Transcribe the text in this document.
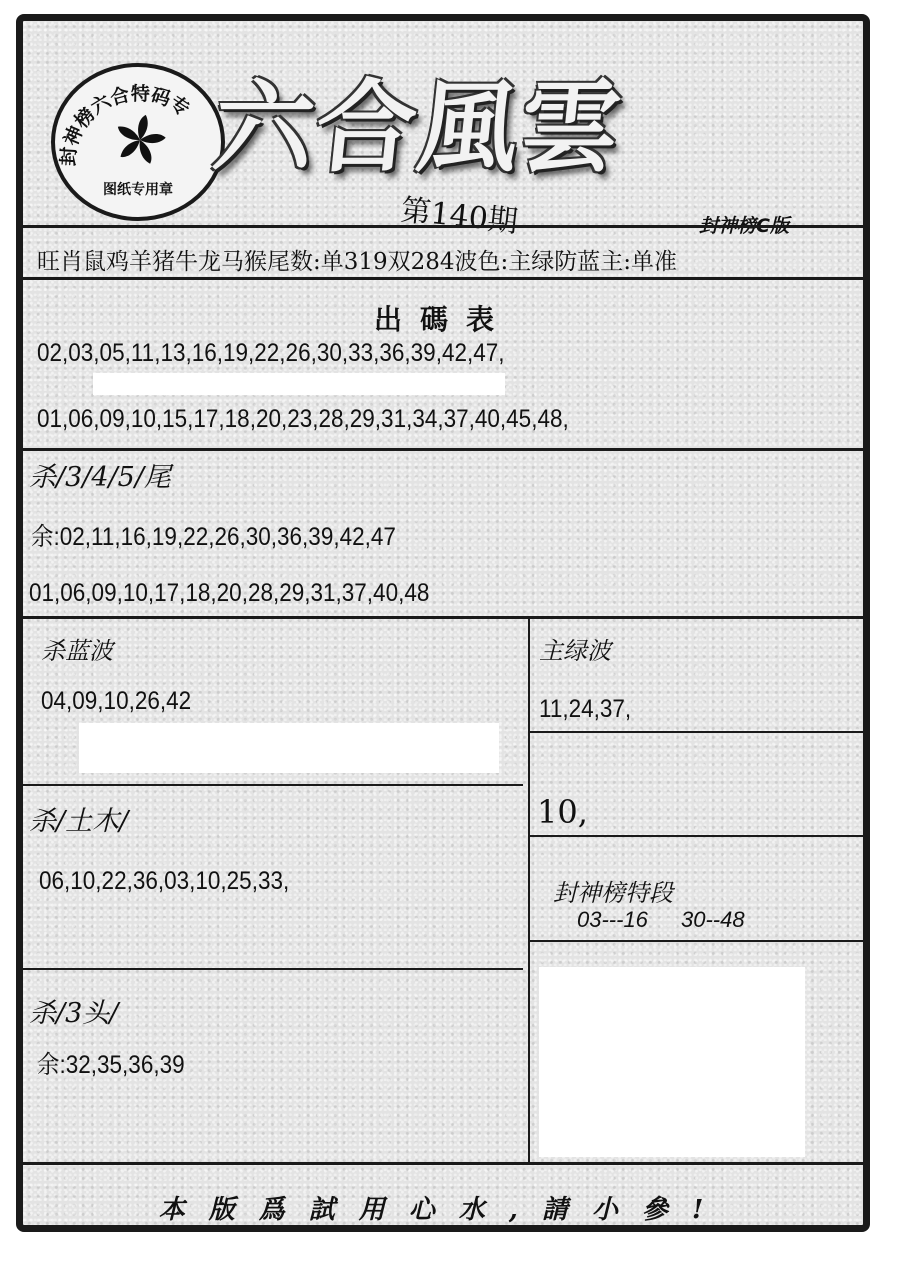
封神榜六合特码专
图纸专用章
六合風雲
第140期	封神榜C版
旺肖鼠鸡羊猪牛龙马猴尾数:单319双284波色:主绿防蓝主:单准
出碼表
02,03,05,11,13,16,19,22,26,30,33,36,39,42,47,
01,06,09,10,15,17,18,20,23,28,29,31,34,37,40,45,48,
杀/3/4/5/尾
余:02,11,16,19,22,26,30,36,39,42,47
01,06,09,10,17,18,20,28,29,31,37,40,48
杀蓝波
04,09,10,26,42
杀/土木/
06,10,22,36,03,10,25,33,
杀/3头/
余:32,35,36,39
主绿波
11,24,37,
10,
封神榜特段
03---16 30--48
本版爲試用心水,請小參!
